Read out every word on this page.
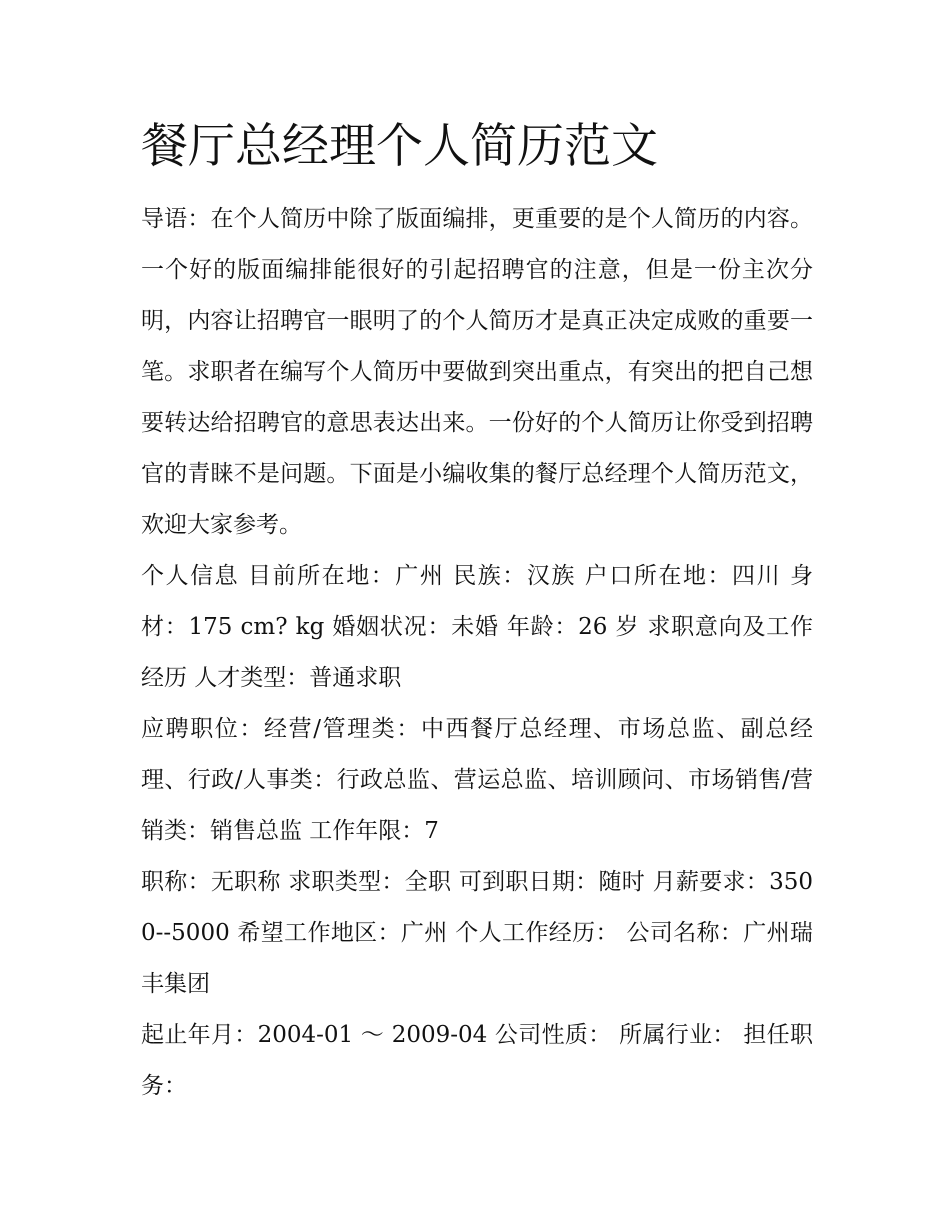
餐厅总经理个人简历范文

导语：在个人简历中除了版面编排，更重要的是个人简历的内容。一个好的版面编排能很好的引起招聘官的注意，但是一份主次分明，内容让招聘官一眼明了的个人简历才是真正决定成败的重要一笔。求职者在编写个人简历中要做到突出重点，有突出的把自己想要转达给招聘官的意思表达出来。一份好的个人简历让你受到招聘官的青睐不是问题。下面是小编收集的餐厅总经理个人简历范文，欢迎大家参考。

个人信息 目前所在地：广州 民族：汉族 户口所在地：四川 身材：175 cm? kg 婚姻状况：未婚 年龄：26 岁 求职意向及工作经历 人才类型：普通求职

应聘职位：经营/管理类：中西餐厅总经理、市场总监、副总经理、行政/人事类：行政总监、营运总监、培训顾问、市场销售/营销类：销售总监 工作年限：7

职称：无职称 求职类型：全职 可到职日期：随时 月薪要求：3500--5000 希望工作地区：广州 个人工作经历： 公司名称：广州瑞丰集团

起止年月：2004-01 ～ 2009-04 公司性质： 所属行业： 担任职务：
